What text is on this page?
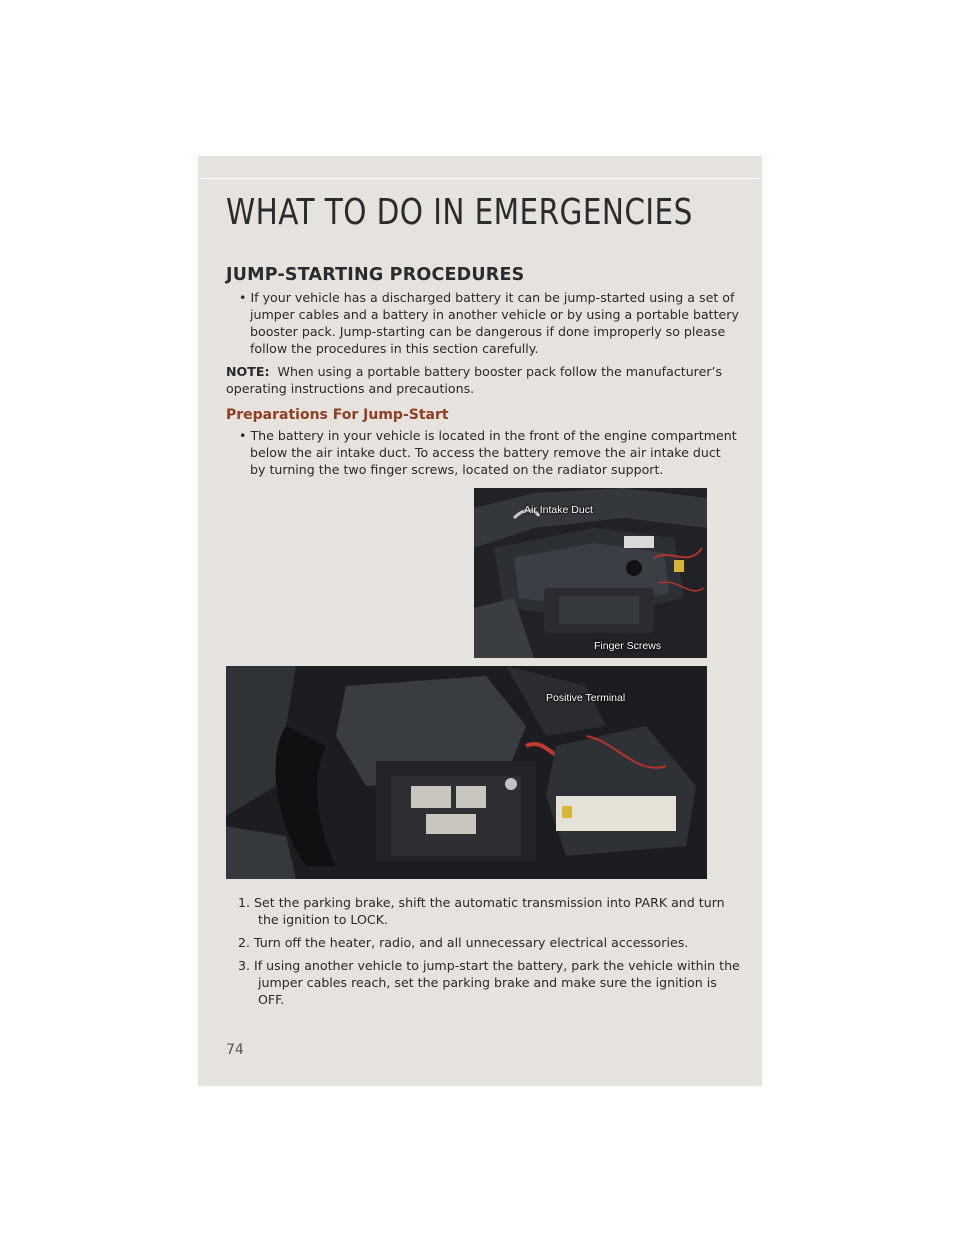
WHAT TO DO IN EMERGENCIES
JUMP-STARTING PROCEDURES

• If your vehicle has a discharged battery it can be jump-started using a set of jumper cables and a battery in another vehicle or by using a portable battery booster pack. Jump-starting can be dangerous if done improperly so please follow the procedures in this section carefully.

NOTE: When using a portable battery booster pack follow the manufacturer’s operating instructions and precautions.

Preparations For Jump-Start

• The battery in your vehicle is located in the front of the engine compartment below the air intake duct. To access the battery remove the air intake duct by turning the two finger screws, located on the radiator support.

Air Intake Duct
Finger Screws
Positive Terminal

1. Set the parking brake, shift the automatic transmission into PARK and turn the ignition to LOCK.

2. Turn off the heater, radio, and all unnecessary electrical accessories.

3. If using another vehicle to jump-start the battery, park the vehicle within the jumper cables reach, set the parking brake and make sure the ignition is OFF.

74
